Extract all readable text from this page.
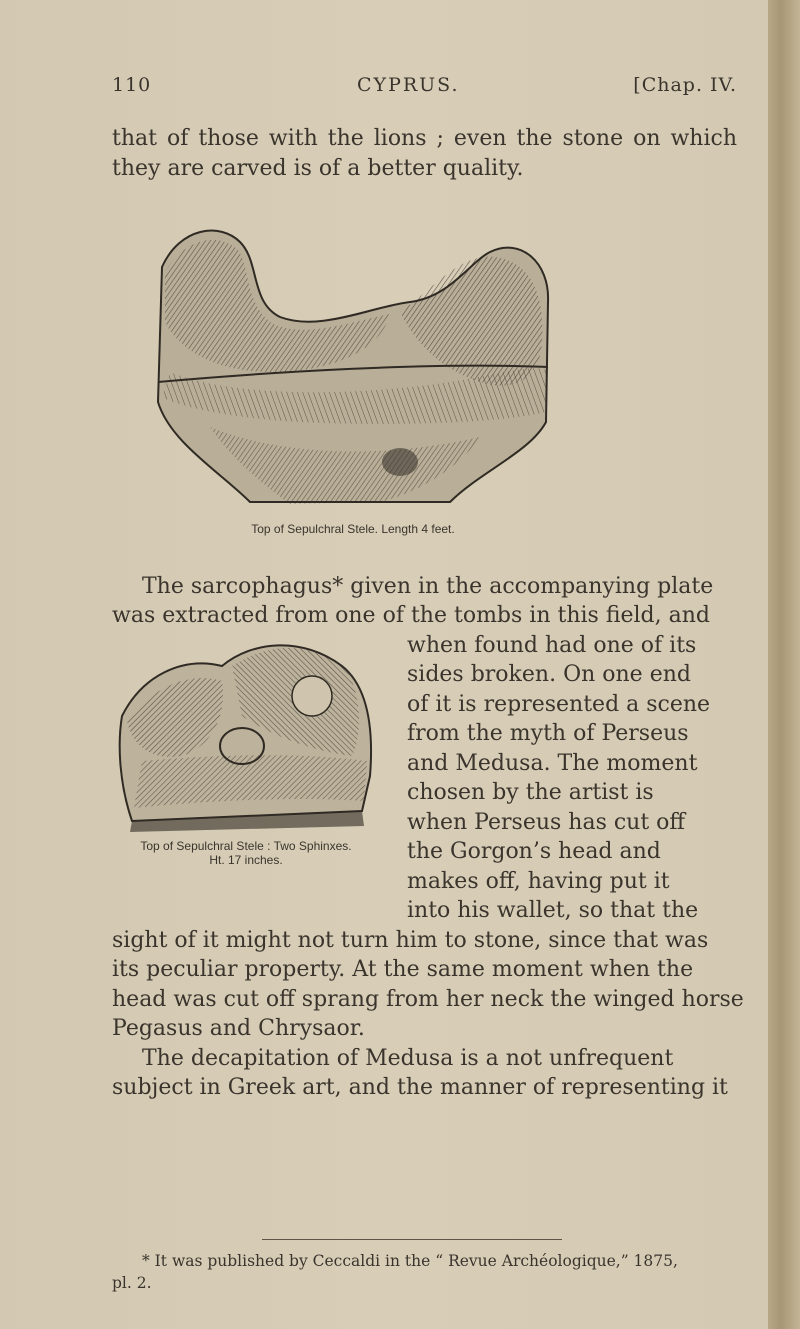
110	CYPRUS.	[Chap. IV.
that of those with the lions ; even the stone on which
they are carved is of a better quality.
Top of Sepulchral Stele. Length 4 feet.
The sarcophagus* given in the accompanying plate
was extracted from one of the tombs in this field, and
when found had one of its
sides broken. On one end
of it is represented a scene
from the myth of Perseus
and Medusa. The moment
chosen by the artist is
when Perseus has cut off
the Gorgon’s head and
makes off, having put it
into his wallet, so that the
sight of it might not turn him to stone, since that was
its peculiar property. At the same moment when the
head was cut off sprang from her neck the winged horse
Pegasus and Chrysaor.
The decapitation of Medusa is a not unfrequent
subject in Greek art, and the manner of representing it
Top of Sepulchral Stele : Two Sphinxes.
Ht. 17 inches.
* It was published by Ceccaldi in the “ Revue Archéologique,” 1875,
pl. 2.
